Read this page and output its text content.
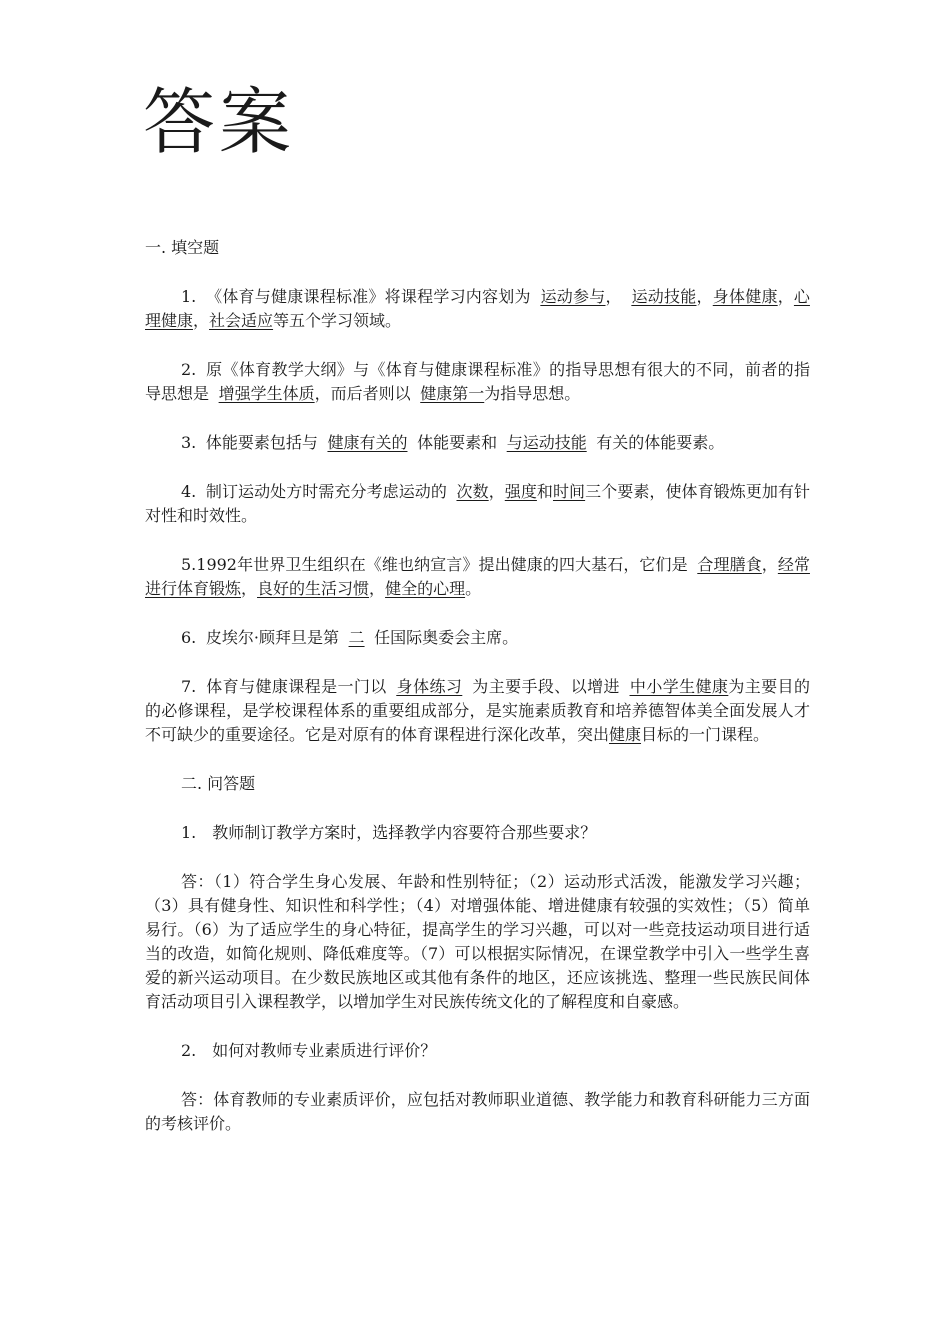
答案

一. 填空题

1. 《体育与健康课程标准》将课程学习内容划为 运动参与， 运动技能，身体健康，心理健康，社会适应等五个学习领域。

2. 原《体育教学大纲》与《体育与健康课程标准》的指导思想有很大的不同，前者的指导思想是 增强学生体质，而后者则以 健康第一为指导思想。

3. 体能要素包括与 健康有关的 体能要素和 与运动技能 有关的体能要素。

4. 制订运动处方时需充分考虑运动的 次数，强度和时间三个要素，使体育锻炼更加有针对性和时效性。

5.1992年世界卫生组织在《维也纳宣言》提出健康的四大基石，它们是 合理膳食，经常进行体育锻炼，良好的生活习惯，健全的心理。

6. 皮埃尔·顾拜旦是第 二 任国际奥委会主席。

7. 体育与健康课程是一门以 身体练习 为主要手段、以增进 中小学生健康为主要目的的必修课程，是学校课程体系的重要组成部分，是实施素质教育和培养德智体美全面发展人才不可缺少的重要途径。它是对原有的体育课程进行深化改革，突出健康目标的一门课程。

二. 问答题

1.　教师制订教学方案时，选择教学内容要符合那些要求？

答：（1）符合学生身心发展、年龄和性别特征；（2）运动形式活泼，能激发学习兴趣；（3）具有健身性、知识性和科学性；（4）对增强体能、增进健康有较强的实效性；（5）简单易行。（6）为了适应学生的身心特征，提高学生的学习兴趣，可以对一些竞技运动项目进行适当的改造，如简化规则、降低难度等。（7）可以根据实际情况，在课堂教学中引入一些学生喜爱的新兴运动项目。在少数民族地区或其他有条件的地区，还应该挑选、整理一些民族民间体育活动项目引入课程教学，以增加学生对民族传统文化的了解程度和自豪感。

2.　如何对教师专业素质进行评价？

答：体育教师的专业素质评价，应包括对教师职业道德、教学能力和教育科研能力三方面的考核评价。
